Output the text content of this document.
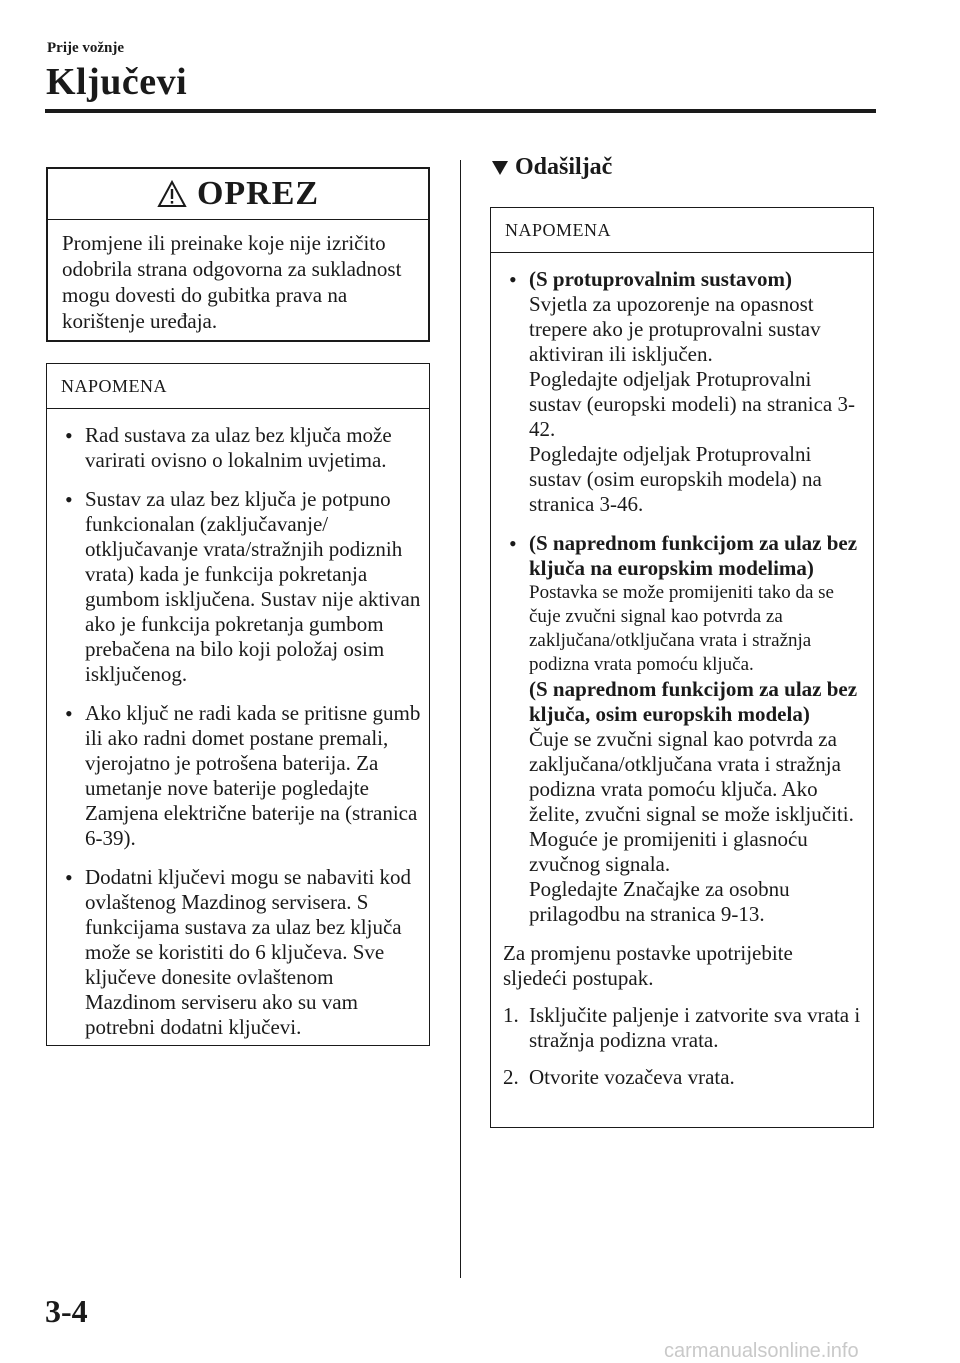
Prije vožnje
Ključevi
OPREZ
Promjene ili preinake koje nije izričito odobrila strana odgovorna za sukladnost mogu dovesti do gubitka prava na korištenje uređaja.
NAPOMENA
• Rad sustava za ulaz bez ključa može varirati ovisno o lokalnim uvjetima.
• Sustav za ulaz bez ključa je potpuno funkcionalan (zaključavanje/ otključavanje vrata/stražnjih podiznih vrata) kada je funkcija pokretanja gumbom isključena. Sustav nije aktivan ako je funkcija pokretanja gumbom prebačena na bilo koji položaj osim isključenog.
• Ako ključ ne radi kada se pritisne gumb ili ako radni domet postane premali, vjerojatno je potrošena baterija. Za umetanje nove baterije pogledajte Zamjena električne baterije na (stranica 6-39).
• Dodatni ključevi mogu se nabaviti kod ovlaštenog Mazdinog servisera. S funkcijama sustava za ulaz bez ključa može se koristiti do 6 ključeva. Sve ključeve donesite ovlaštenom Mazdinom serviseru ako su vam potrebni dodatni ključevi.
Odašiljač
NAPOMENA
• (S protuprovalnim sustavom)
Svjetla za upozorenje na opasnost trepere ako je protuprovalni sustav aktiviran ili isključen.
Pogledajte odjeljak Protuprovalni sustav (europski modeli) na stranica 3-42.
Pogledajte odjeljak Protuprovalni sustav (osim europskih modela) na stranica 3-46.
• (S naprednom funkcijom za ulaz bez ključa na europskim modelima)
Postavka se može promijeniti tako da se čuje zvučni signal kao potvrda za zaključana/otključana vrata i stražnja podizna vrata pomoću ključa.
(S naprednom funkcijom za ulaz bez ključa, osim europskih modela)
Čuje se zvučni signal kao potvrda za zaključana/otključana vrata i stražnja podizna vrata pomoću ključa. Ako želite, zvučni signal se može isključiti.
Moguće je promijeniti i glasnoću zvučnog signala.
Pogledajte Značajke za osobnu prilagodbu na stranica 9-13.
Za promjenu postavke upotrijebite sljedeći postupak.
1. Isključite paljenje i zatvorite sva vrata i stražnja podizna vrata.
2. Otvorite vozačeva vrata.
3-4
carmanualsonline.info
